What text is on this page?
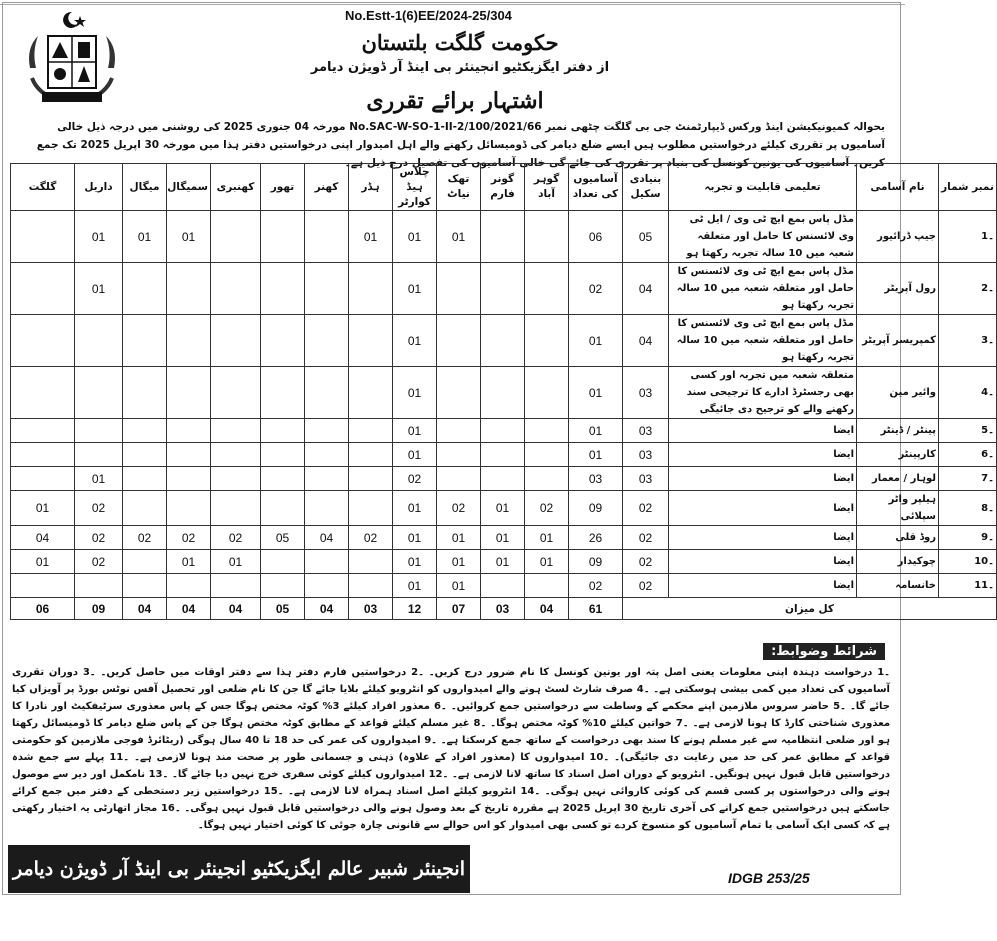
No.Estt-1(6)EE/2024-25/304
حکومت گلگت بلتستان
از دفتر ایگزیکٹیو انجینئر بی اینڈ آر ڈویژن دیامر
اشتہار برائے تقرری
بحوالہ کمیونیکیشن اینڈ ورکس ڈیپارٹمنٹ جی بی گلگت چٹھی نمبر No.SAC-W-SO-1-II-2/100/2021/66 مورخہ 04 جنوری 2025 کی روشنی میں درجہ ذیل خالی آسامیوں پر تقرری کیلئے درخواستیں مطلوب ہیں ایسے ضلع دیامر کی ڈومیسائل رکھنے والے اہل امیدوار اپنی درخواستیں دفتر ہذا میں مورخہ 30 اپریل 2025 تک جمع کریں۔ آسامیوں کی یونین کونسل کی بنیاد پر تقرری کی جائے گی خالی آسامیوں کی تفصیل درج ذیل ہے۔
نمبر شمار	نام آسامی	تعلیمی قابلیت و تجربہ	بنیادی سکیل	آسامیوں کی تعداد	گوہر آباد	گونر فارم	تھک نیاٹ	چلاس ہیڈ کوارٹر	ہڈر	کھنر	تھور	کھنبری	سمیگال	میگال	داریل	گلگت
۔1	جیپ ڈرائیور	مڈل پاس بمع ایچ ٹی وی / ایل ٹی وی لائسنس کا حامل اور متعلقہ شعبہ میں 10 سالہ تجربہ رکھتا ہو	05	06			01	01	01				01	01	01	
۔2	رول آپریٹر	مڈل پاس بمع ایچ ٹی وی لائسنس کا حامل اور متعلقہ شعبہ میں 10 سالہ تجربہ رکھتا ہو	04	02				01							01	
۔3	کمپریسر آپریٹر	مڈل پاس بمع ایچ ٹی وی لائسنس کا حامل اور متعلقہ شعبہ میں 10 سالہ تجربہ رکھتا ہو	04	01				01								
۔4	وائیر مین	متعلقہ شعبہ میں تجربہ اور کسی بھی رجسٹرڈ ادارے کا ترجیحی سند رکھنے والے کو ترجیح دی جائیگی	03	01				01								
۔5	پینٹر / ڈینٹر	ایضا	03	01				01								
۔6	کارپینٹر	ایضا	03	01				01								
۔7	لوہار / معمار	ایضا	03	03				02							01	
۔8	ہیلپر واٹر سپلائی	ایضا	02	09	02	01	02	01							02	01
۔9	روڈ قلی	ایضا	02	26	01	01	01	01	02	04	05	02	02	02	02	04
۔10	چوکیدار	ایضا	02	09	01	01	01	01				01	01		02	01
۔11	خانسامہ	ایضا	02	02			01	01								
کل میزان				61	04	03	07	12	03	04	05	04	04	04	09	06
شرائط وضوابط:
۔1 درخواست دہندہ اپنی معلومات یعنی اصل پتہ اور یونین کونسل کا نام ضرور درج کریں۔ ۔2 درخواستیں فارم دفتر ہذا سے دفتر اوقات میں حاصل کریں۔ ۔3 دوران تقرری آسامیوں کی تعداد میں کمی بیشی ہوسکتی ہے۔ ۔4 صرف شارٹ لسٹ ہونے والے امیدواروں کو انٹرویو کیلئے بلایا جائے گا جن کا نام ضلعی اور تحصیل آفس نوٹس بورڈ پر آویزاں کیا جائے گا۔ ۔5 حاضر سروس ملازمین اپنے محکمے کے وساطت سے درخواستیں جمع کروائیں۔ ۔6 معذور افراد کیلئے 3% کوٹہ مختص ہوگا جس کے پاس معذوری سرٹیفکیٹ اور نادرا کا معذوری شناختی کارڈ کا ہونا لازمی ہے۔ ۔7 خواتین کیلئے 10% کوٹہ مختص ہوگا۔ ۔8 غیر مسلم کیلئے قواعد کے مطابق کوٹہ مختص ہوگا جن کے پاس ضلع دیامر کا ڈومیسائل رکھتا ہو اور ضلعی انتظامیہ سے غیر مسلم ہونے کا سند بھی درخواست کے ساتھ جمع کرسکتا ہے۔ ۔9 امیدواروں کی عمر کی حد 18 تا 40 سال ہوگی (ریٹائرڈ فوجی ملازمین کو حکومتی قواعد کے مطابق عمر کی حد میں رعایت دی جائیگی)۔ ۔10 امیدواروں کا (معذور افراد کے علاوہ) ذہنی و جسمانی طور پر صحت مند ہونا لازمی ہے۔ ۔11 پہلے سے جمع شدہ درخواستیں قابل قبول نہیں ہونگیں۔ انٹرویو کے دوران اصل اسناد کا ساتھ لانا لازمی ہے۔ ۔12 امیدواروں کیلئے کوئی سفری خرچ نہیں دیا جائے گا۔ ۔13 نامکمل اور دیر سے موصول ہونے والی درخواستوں پر کسی قسم کی کوئی کاروائی نہیں ہوگی۔ ۔14 انٹرویو کیلئے اصل اسناد ہمراہ لانا لازمی ہے۔ ۔15 درخواستیں زیر دستخطی کے دفتر میں جمع کرائے جاسکتے ہیں درخواستیں جمع کرانے کی آخری تاریخ 30 اپریل 2025 ہے مقررہ تاریخ کے بعد وصول ہونے والی درخواستیں قابل قبول نہیں ہوگی۔ ۔16 مجاز اتھارٹی یہ اختیار رکھتی ہے کہ کسی ایک آسامی یا تمام آسامیوں کو منسوخ کردے تو کسی بھی امیدوار کو اس حوالے سے قانونی چارہ جوئی کا کوئی اختیار نہیں ہوگا۔
انجینئر شبیر عالم ایگزیکٹیو انجینئر بی اینڈ آر ڈویژن دیامر چلاس
IDGB 253/25
